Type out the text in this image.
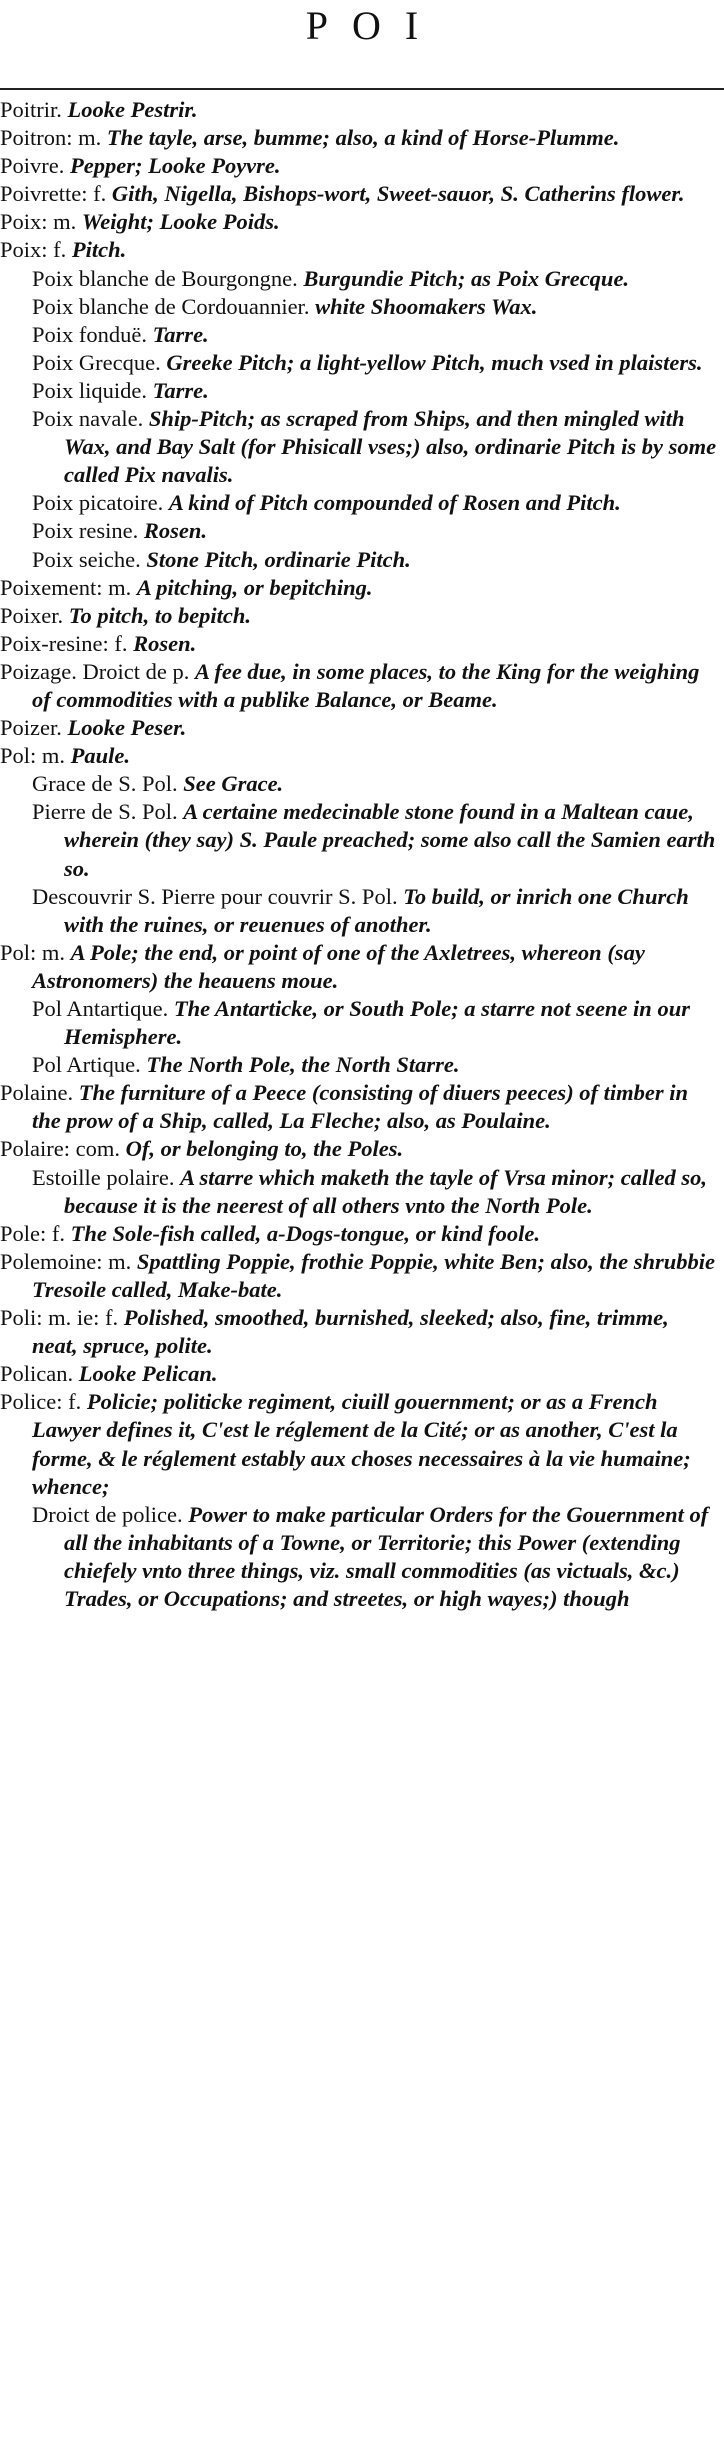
POI
Poitrir. Looke Pestrir.
Poitron: m. The tayle, arse, bumme; also, a kind of Horse-Plumme.
Poivre. Pepper; Looke Poyvre.
Poivrette: f. Gith, Nigella, Bishops-wort, Sweet-sauor, S. Catherins flower.
Poix: m. Weight; Looke Poids.
Poix: f. Pitch.
Poix blanche de Bourgongne. Burgundie Pitch; as Poix Grecque.
Poix blanche de Cordouannier. white Shoomakers Wax.
Poix fonduë. Tarre.
Poix Grecque. Greeke Pitch; a light-yellow Pitch, much vsed in plaisters.
Poix liquide. Tarre.
Poix navale. Ship-Pitch; as scraped from Ships, and then mingled with Wax, and Bay Salt (for Phisicall vses;) also, ordinarie Pitch is by some called Pix navalis.
Poix picatoire. A kind of Pitch compounded of Rosen and Pitch.
Poix resine. Rosen.
Poix seiche. Stone Pitch, ordinarie Pitch.
Poixement: m. A pitching, or bepitching.
Poixer. To pitch, to bepitch.
Poix-resine: f. Rosen.
Poizage. Droict de p. A fee due, in some places, to the King for the weighing of commodities with a publike Balance, or Beame.
Poizer. Looke Peser.
Pol: m. Paule.
Grace de S. Pol. See Grace.
Pierre de S. Pol. A certaine medecinable stone found in a Maltean caue, wherein (they say) S. Paule preached; some also call the Samien earth so.
Descouvrir S. Pierre pour couvrir S. Pol. To build, or inrich one Church with the ruines, or reuenues of another.
Pol: m. A Pole; the end, or point of one of the Axletrees, whereon (say Astronomers) the heauens moue.
Pol Antartique. The Antarticke, or South Pole; a starre not seene in our Hemisphere.
Pol Artique. The North Pole, the North Starre.
Polaine. The furniture of a Peece (consisting of diuers peeces) of timber in the prow of a Ship, called, La Fleche; also, as Poulaine.
Polaire: com. Of, or belonging to, the Poles.
Estoille polaire. A starre which maketh the tayle of Vrsa minor; called so, because it is the neerest of all others vnto the North Pole.
Pole: f. The Sole-fish called, a-Dogs-tongue, or kind foole.
Polemoine: m. Spattling Poppie, frothie Poppie, white Ben; also, the shrubbie Tresoile called, Make-bate.
Poli: m. ie: f. Polished, smoothed, burnished, sleeked; also, fine, trimme, neat, spruce, polite.
Polican. Looke Pelican.
Police: f. Policie; politicke regiment, ciuill gouernment; or as a French Lawyer defines it, C'est le réglement de la Cité; or as another, C'est la forme, & le réglement estably aux choses necessaires à la vie humaine; whence;
Droict de police. Power to make particular Orders for the Gouernment of all the inhabitants of a Towne, or Territorie; this Power (extending chiefely vnto three things, viz. small commodities (as victuals, &c.) Trades, or Occupations; and streetes, or high wayes;) though
